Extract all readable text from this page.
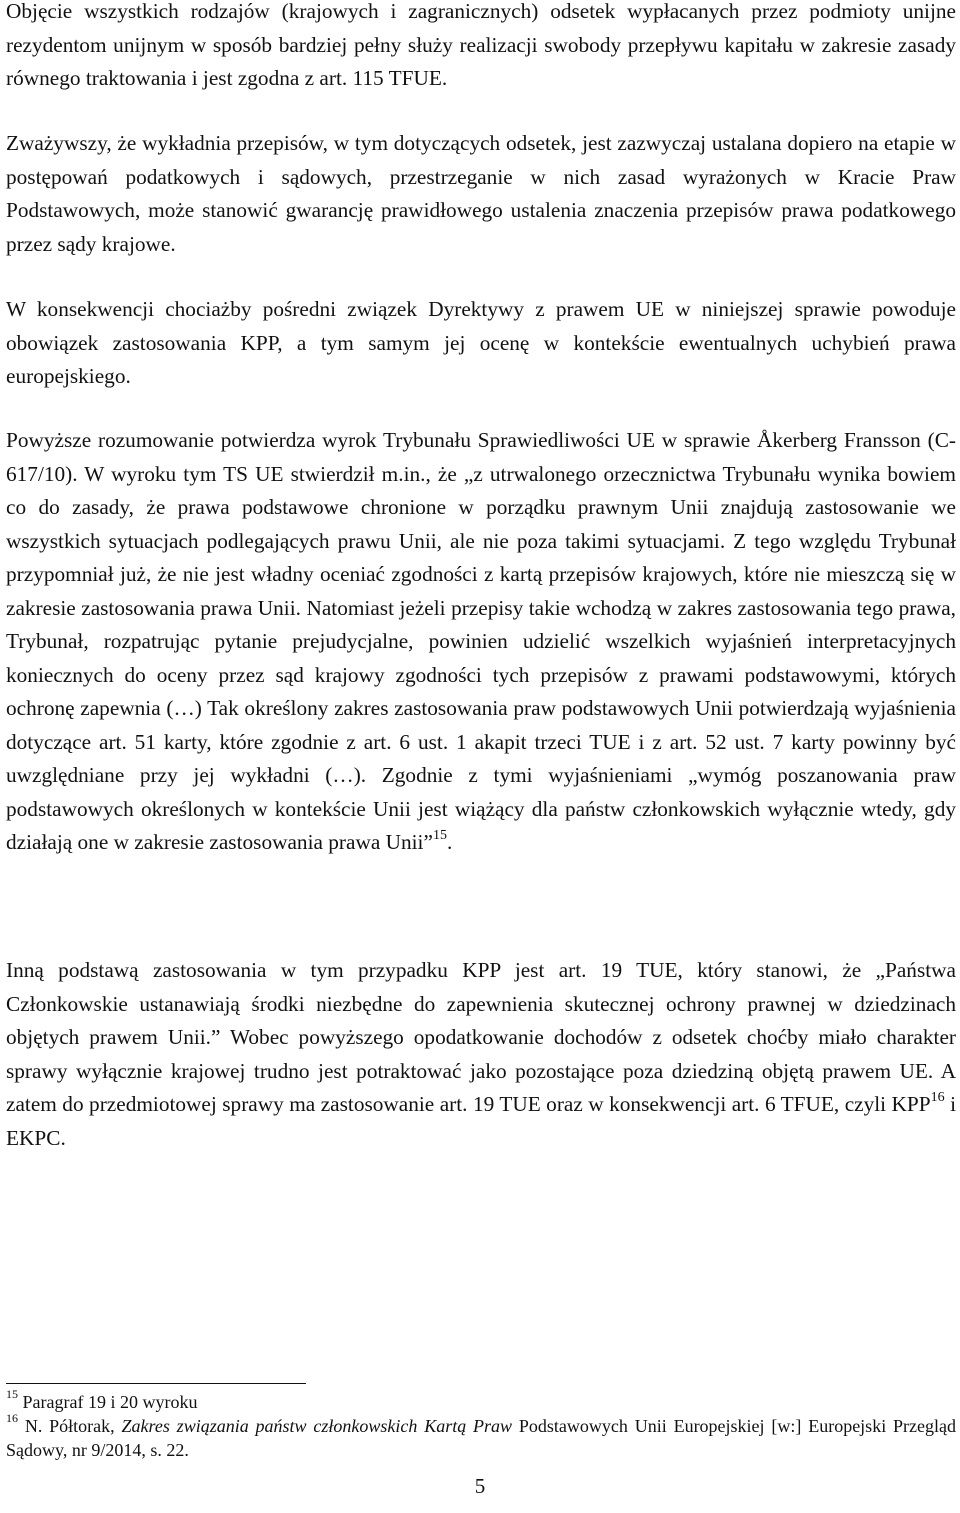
Objęcie wszystkich rodzajów (krajowych i zagranicznych) odsetek wypłacanych przez podmioty unijne rezydentom unijnym w sposób bardziej pełny służy realizacji swobody przepływu kapitału w zakresie zasady równego traktowania i jest zgodna z art. 115 TFUE.

Zważywszy, że wykładnia przepisów, w tym dotyczących odsetek, jest zazwyczaj ustalana dopiero na etapie w postępowań podatkowych i sądowych, przestrzeganie w nich zasad wyrażonych w Kracie Praw Podstawowych, może stanowić gwarancję prawidłowego ustalenia znaczenia przepisów prawa podatkowego przez sądy krajowe.

W konsekwencji chociażby pośredni związek Dyrektywy z prawem UE w niniejszej sprawie powoduje obowiązek zastosowania KPP, a tym samym jej ocenę w kontekście ewentualnych uchybień prawa europejskiego.

Powyższe rozumowanie potwierdza wyrok Trybunału Sprawiedliwości UE w sprawie Åkerberg Fransson (C-617/10). W wyroku tym TS UE stwierdził m.in., że „z utrwalonego orzecznictwa Trybunału wynika bowiem co do zasady, że prawa podstawowe chronione w porządku prawnym Unii znajdują zastosowanie we wszystkich sytuacjach podlegających prawu Unii, ale nie poza takimi sytuacjami. Z tego względu Trybunał przypomniał już, że nie jest władny oceniać zgodności z kartą przepisów krajowych, które nie mieszczą się w zakresie zastosowania prawa Unii. Natomiast jeżeli przepisy takie wchodzą w zakres zastosowania tego prawa, Trybunał, rozpatrując pytanie prejudycjalne, powinien udzielić wszelkich wyjaśnień interpretacyjnych koniecznych do oceny przez sąd krajowy zgodności tych przepisów z prawami podstawowymi, których ochronę zapewnia (…) Tak określony zakres zastosowania praw podstawowych Unii potwierdzają wyjaśnienia dotyczące art. 51 karty, które zgodnie z art. 6 ust. 1 akapit trzeci TUE i z art. 52 ust. 7 karty powinny być uwzględniane przy jej wykładni (…). Zgodnie z tymi wyjaśnieniami „wymóg poszanowania praw podstawowych określonych w kontekście Unii jest wiążący dla państw członkowskich wyłącznie wtedy, gdy działają one w zakresie zastosowania prawa Unii”$^{15}$.

Inną podstawą zastosowania w tym przypadku KPP jest art. 19 TUE, który stanowi, że „Państwa Członkowskie ustanawiają środki niezbędne do zapewnienia skutecznej ochrony prawnej w dziedzinach objętych prawem Unii.” Wobec powyższego opodatkowanie dochodów z odsetek choćby miało charakter sprawy wyłącznie krajowej trudno jest potraktować jako pozostające poza dziedziną objętą prawem UE. A zatem do przedmiotowej sprawy ma zastosowanie art. 19 TUE oraz w konsekwencji art. 6 TFUE, czyli KPP$^{16}$ i EKPC.

$^{15}$ Paragraf 19 i 20 wyroku

$^{16}$ N. Półtorak, Zakres związania państw członkowskich Kartą Praw Podstawowych Unii Europejskiej [w:] Europejski Przegląd Sądowy, nr 9/2014, s. 22.

5
